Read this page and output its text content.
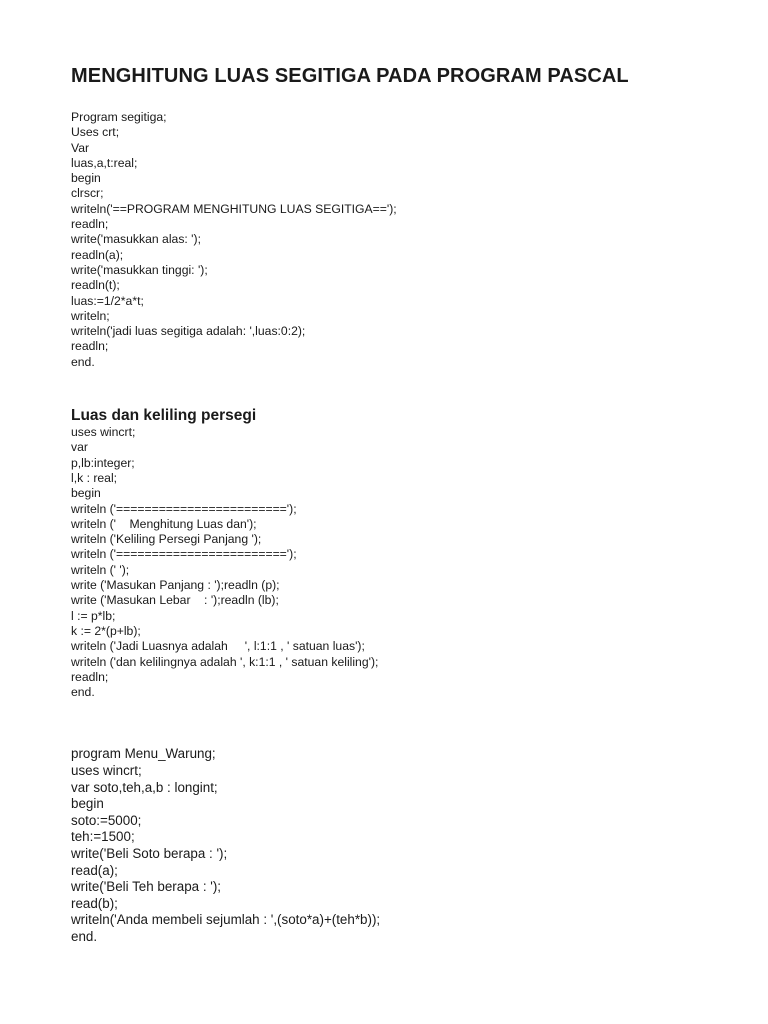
MENGHITUNG LUAS SEGITIGA PADA PROGRAM PASCAL
Program segitiga;
Uses crt;
Var
luas,a,t:real;
begin
clrscr;
writeln('==PROGRAM MENGHITUNG LUAS SEGITIGA==');
readln;
write('masukkan alas: ');
readln(a);
write('masukkan tinggi: ');
readln(t);
luas:=1/2*a*t;
writeln;
writeln('jadi luas segitiga adalah: ',luas:0:2);
readln;
end.
Luas dan keliling persegi
uses wincrt;
var
p,lb:integer;
l,k : real;
begin
writeln ('========================');
writeln ('    Menghitung Luas dan');
writeln ('Keliling Persegi Panjang ');
writeln ('========================');
writeln (' ');
write ('Masukan Panjang : ');readln (p);
write ('Masukan Lebar    : ');readln (lb);
l := p*lb;
k := 2*(p+lb);
writeln ('Jadi Luasnya adalah     ', l:1:1 , ' satuan luas');
writeln ('dan kelilingnya adalah ', k:1:1 , ' satuan keliling');
readln;
end.
program Menu_Warung;
uses wincrt;
var soto,teh,a,b : longint;
begin
soto:=5000;
teh:=1500;
write('Beli Soto berapa : ');
read(a);
write('Beli Teh berapa : ');
read(b);
writeln('Anda membeli sejumlah : ',(soto*a)+(teh*b));
end.
